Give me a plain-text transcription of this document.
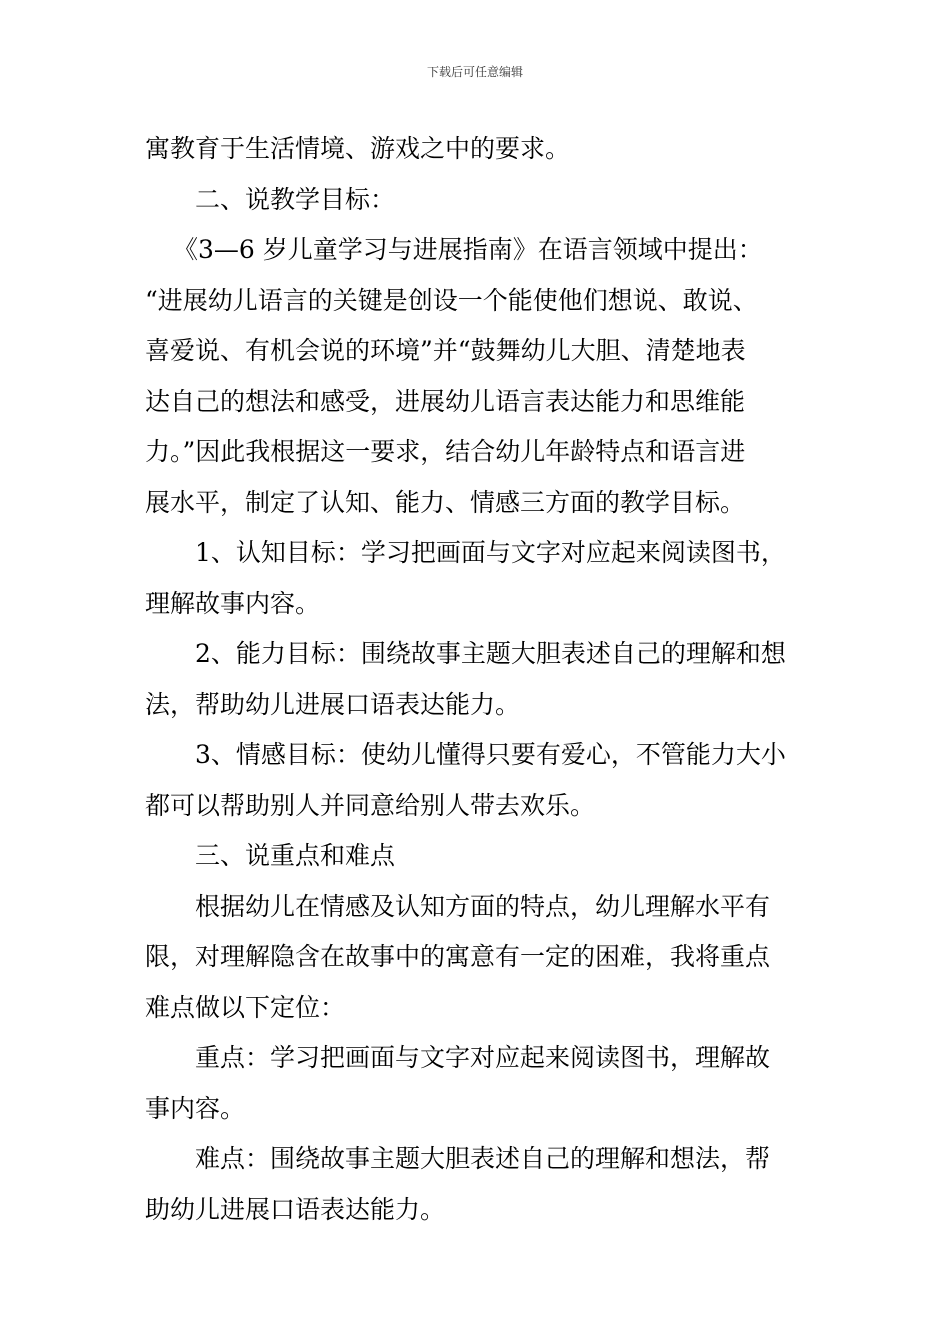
下载后可任意编辑
寓教育于生活情境、游戏之中的要求。
二、说教学目标：
《3—6 岁儿童学习与进展指南》在语言领域中提出：
“进展幼儿语言的关键是创设一个能使他们想说、敢说、
喜爱说、有机会说的环境”并“鼓舞幼儿大胆、清楚地表
达自己的想法和感受，进展幼儿语言表达能力和思维能
力。”因此我根据这一要求，结合幼儿年龄特点和语言进
展水平，制定了认知、能力、情感三方面的教学目标。
1、认知目标：学习把画面与文字对应起来阅读图书，
理解故事内容。
2、能力目标：围绕故事主题大胆表述自己的理解和想
法，帮助幼儿进展口语表达能力。
3、情感目标：使幼儿懂得只要有爱心，不管能力大小
都可以帮助别人并同意给别人带去欢乐。
三、说重点和难点
根据幼儿在情感及认知方面的特点，幼儿理解水平有
限，对理解隐含在故事中的寓意有一定的困难，我将重点
难点做以下定位：
重点：学习把画面与文字对应起来阅读图书，理解故
事内容。
难点：围绕故事主题大胆表述自己的理解和想法，帮
助幼儿进展口语表达能力。
